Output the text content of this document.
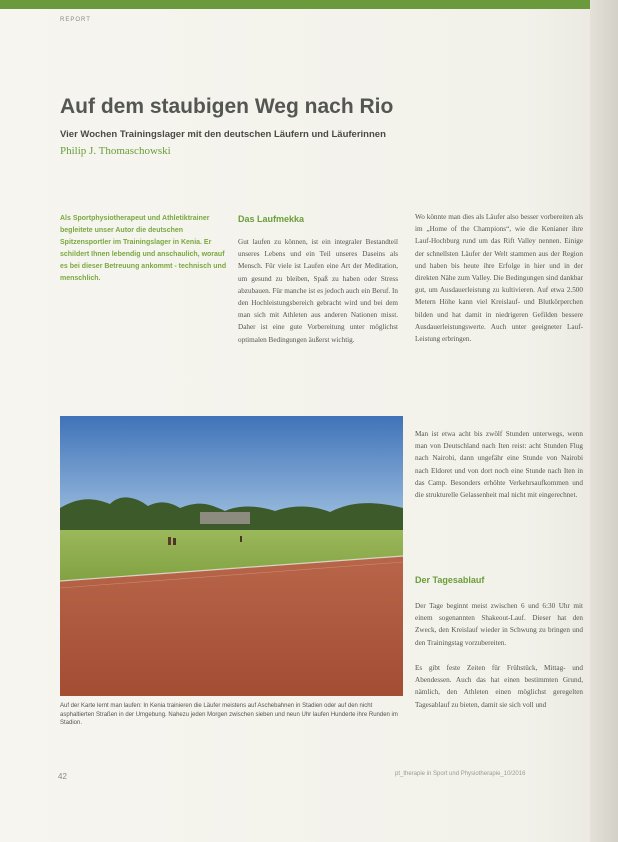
REPORT
Auf dem staubigen Weg nach Rio
Vier Wochen Trainingslager mit den deutschen Läufern und Läuferinnen
Philip J. Thomaschowski
Als Sportphysiotherapeut und Athletiktrainer begleitete unser Autor die deutschen Spitzensportler im Trainingslager in Kenia. Er schildert Ihnen lebendig und anschaulich, worauf es bei dieser Betreuung ankommt - technisch und menschlich.
Das Laufmekka
Gut laufen zu können, ist ein integraler Bestandteil unseres Lebens und ein Teil unseres Daseins als Mensch. Für viele ist Laufen eine Art der Meditation, um gesund zu bleiben, Spaß zu haben oder Stress abzubauen. Für manche ist es jedoch auch ein Beruf. In den Hochleistungsbereich gebracht wird und bei dem man sich mit Athleten aus anderen Nationen misst. Daher ist eine gute Vorbereitung unter möglichst optimalen Bedingungen äußerst wichtig.
Wo könnte man dies als Läufer also besser vorbereiten als im „Home of the Champions“, wie die Kenianer ihre Lauf-Hochburg rund um das Rift Valley nennen. Einige der schnellsten Läufer der Welt stammen aus der Region und haben bis heute ihre Erfolge in hier und in der direkten Nähe zum Valley. Die Bedingungen sind dankbar gut, um Ausdauerleistung zu kultivieren. Auf etwa 2.500 Metern Höhe kann viel Kreislauf- und Blutkörperchen bilden und hat damit in niedrigeren Gefilden bessere Ausdauerleistungswerte. Auch unter geeigneter Lauf-Leistung erbringen.
Man ist etwa acht bis zwölf Stunden unterwegs, wenn man von Deutschland nach Iten reist: acht Stunden Flug nach Nairobi, dann ungefähr eine Stunde von Nairobi nach Eldoret und von dort noch eine Stunde nach Iten in das Camp. Besonders erhöhte Verkehrsaufkommen und die strukturelle Gelassenheit mal nicht mit eingerechnet.
Der Tagesablauf
Der Tage beginnt meist zwischen 6 und 6:30 Uhr mit einem sogenannten Shakeout-Lauf. Dieser hat den Zweck, den Kreislauf wieder in Schwung zu bringen und den Trainingstag vorzubereiten.
Es gibt feste Zeiten für Frühstück, Mittag- und Abendessen. Auch das hat einen bestimmten Grund, nämlich, den Athleten einen möglichst geregelten Tagesablauf zu bieten, damit sie sich voll und
Auf der Karte lernt man laufen: In Kenia trainieren die Läufer meistens auf Aschebahnen in Stadien oder auf den nicht asphaltierten Straßen in der Umgebung. Nahezu jeden Morgen zwischen sieben und neun Uhr laufen Hunderte ihre Runden im Stadion.
42	pt_therapie in Sport und Physiotherapie_10/2016
